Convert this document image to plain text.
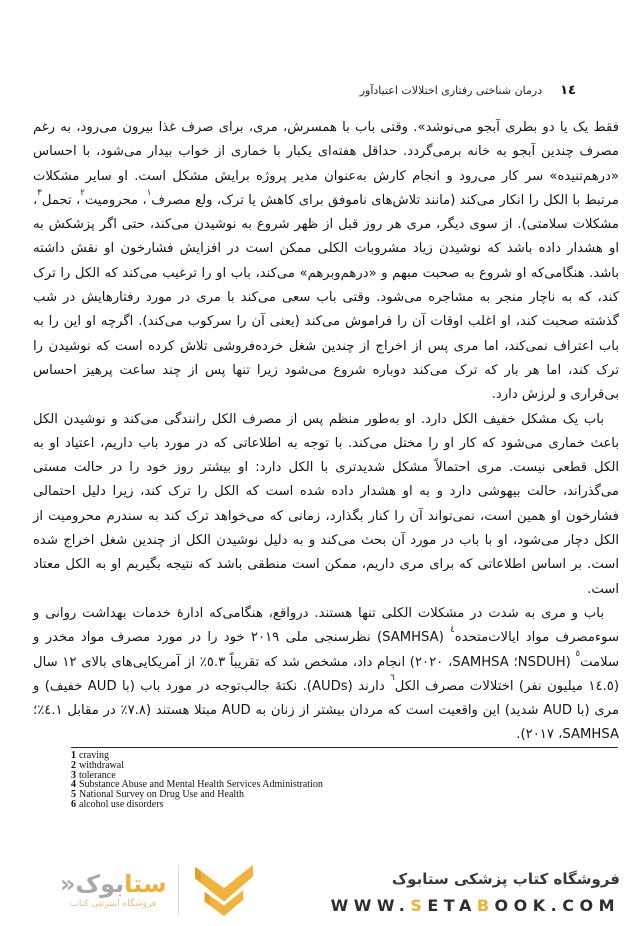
١٤
درمان شناختی رفتاری اختلالات اعتیادآور

فقط یک یا دو بطری آبجو می‌نوشد». وقتی باب با همسرش، مری، برای صرف غذا بیرون می‌رود، به رغم مصرف چندین آبجو به خانه برمی‌گردد. حداقل هفته‌ای یکبار با خماری از خواب بیدار می‌شود، با احساس «درهم‌تنیده» سر کار می‌رود و انجام کارش به‌عنوان مدیر پروژه برایش مشکل است. او سایر مشکلات مرتبط با الکل را انکار می‌کند (مانند تلاش‌های ناموفق برای کاهش یا ترک، ولع مصرف$^١$، محرومیت$^٢$، تحمل$^٣$، مشکلات سلامتی). از سوی دیگر، مری هر روز قبل از ظهر شروع به نوشیدن می‌کند، حتی اگر پزشکش به او هشدار داده باشد که نوشیدن زیاد مشروبات الکلی ممکن است در افزایش فشارخون او نقش داشته باشد. هنگامی‌که او شروع به صحبت مبهم و «درهم‌وبرهم» می‌کند، باب او را ترغیب می‌کند که الکل را ترک کند، که به ناچار منجر به مشاجره می‌شود. وقتی باب سعی می‌کند با مری در مورد رفتارهایش در شب گذشته صحبت کند، او اغلب اوقات آن را فراموش می‌کند (یعنی آن را سرکوب می‌کند). اگرچه او این را به باب اعتراف نمی‌کند، اما مری پس از اخراج از چندین شغل خرده‌فروشی تلاش کرده است که نوشیدن را ترک کند، اما هر بار که ترک می‌کند دوباره شروع می‌شود زیرا تنها پس از چند ساعت پرهیز احساس بی‌قراری و لرزش دارد.

باب یک مشکل خفیف الکل دارد. او به‌طور منظم پس از مصرف الکل رانندگی می‌کند و نوشیدن الکل باعث خماری می‌شود که کار او را مختل می‌کند. با توجه به اطلاعاتی که در مورد باب داریم، اعتیاد او به الکل قطعی نیست. مری احتمالاً مشکل شدیدتری با الکل دارد: او بیشتر روز خود را در حالت مستی می‌گذراند، حالت بیهوشی دارد و به او هشدار داده شده است که الکل را ترک کند، زیرا دلیل احتمالی فشارخون او همین است، نمی‌تواند آن را کنار بگذارد، زمانی که می‌خواهد ترک کند به سندرم محرومیت از الکل دچار می‌شود، او با باب در مورد آن بحث می‌کند و به دلیل نوشیدن الکل از چندین شغل اخراج شده است. بر اساس اطلاعاتی که برای مری داریم، ممکن است منطقی باشد که نتیجه بگیریم او به الکل معتاد است.

باب و مری به شدت در مشکلات الکلی تنها هستند. درواقع، هنگامی‌که ادارۀ خدمات بهداشت روانی و سوءمصرف مواد ایالات‌متحده$^٤$ (SAMHSA) نظرسنجی ملی ٢٠١٩ خود را در مورد مصرف مواد مخدر و سلامت$^٥$ (NSDUH؛ SAMHSA، ٢٠٢٠) انجام داد، مشخص شد که تقریباً ٥.٣٪ از آمریکایی‌های بالای ١٢ سال (١٤.٥ میلیون نفر) اختلالات مصرف الکل$^٦$ دارند (AUDs). نکتۀ جالب‌توجه در مورد باب (با AUD خفیف) و مری (با AUD شدید) این واقعیت است که مردان بیشتر از زنان به AUD مبتلا هستند (٧.٨٪ در مقابل ٤.١٪؛ SAMHSA، ٢٠١٧).

1 craving
2 withdrawal
3 tolerance
4 Substance Abuse and Mental Health Services Administration
5 National Survey on Drug Use and Health
6 alcohol use disorders
ستابوک«
فروشگاه اینترنتی کتاب
فروشگاه کتاب پزشکی ستابوک
WWW.SETABOOK.COM
